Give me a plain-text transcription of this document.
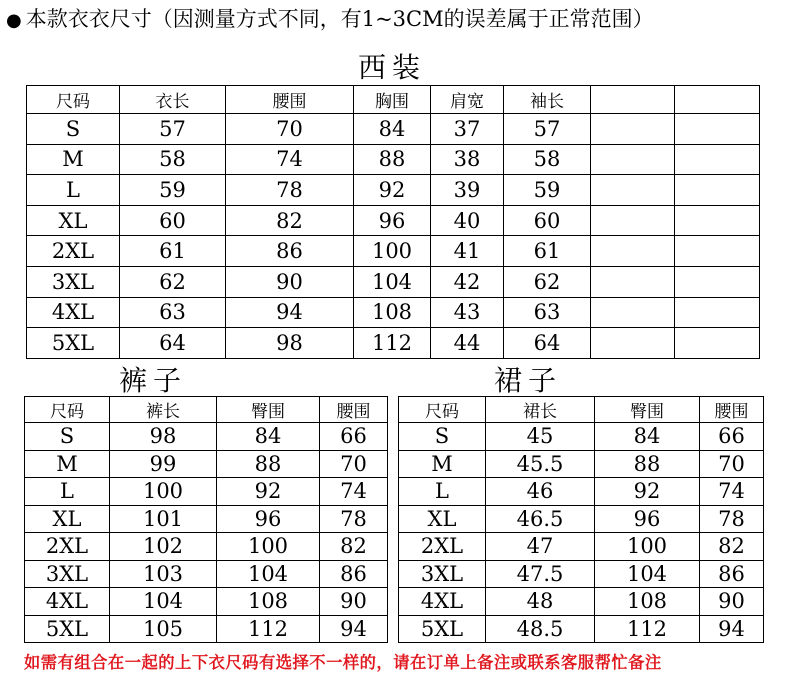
● 本款衣衣尺寸（因测量方式不同，有1~3CM的误差属于正常范围）
西装
尺码	衣长	腰围	胸围	肩宽	袖长		
S	57	70	84	37	57		
M	58	74	88	38	58		
L	59	78	92	39	59		
XL	60	82	96	40	60		
2XL	61	86	100	41	61		
3XL	62	90	104	42	62		
4XL	63	94	108	43	63		
5XL	64	98	112	44	64		
裤子	裙子
尺码	裤长	臀围	腰围
S	98	84	66
M	99	88	70
L	100	92	74
XL	101	96	78
2XL	102	100	82
3XL	103	104	86
4XL	104	108	90
5XL	105	112	94
尺码	裙长	臀围	腰围
S	45	84	66
M	45.5	88	70
L	46	92	74
XL	46.5	96	78
2XL	47	100	82
3XL	47.5	104	86
4XL	48	108	90
5XL	48.5	112	94
如需有组合在一起的上下衣尺码有选择不一样的，请在订单上备注或联系客服帮忙备注
